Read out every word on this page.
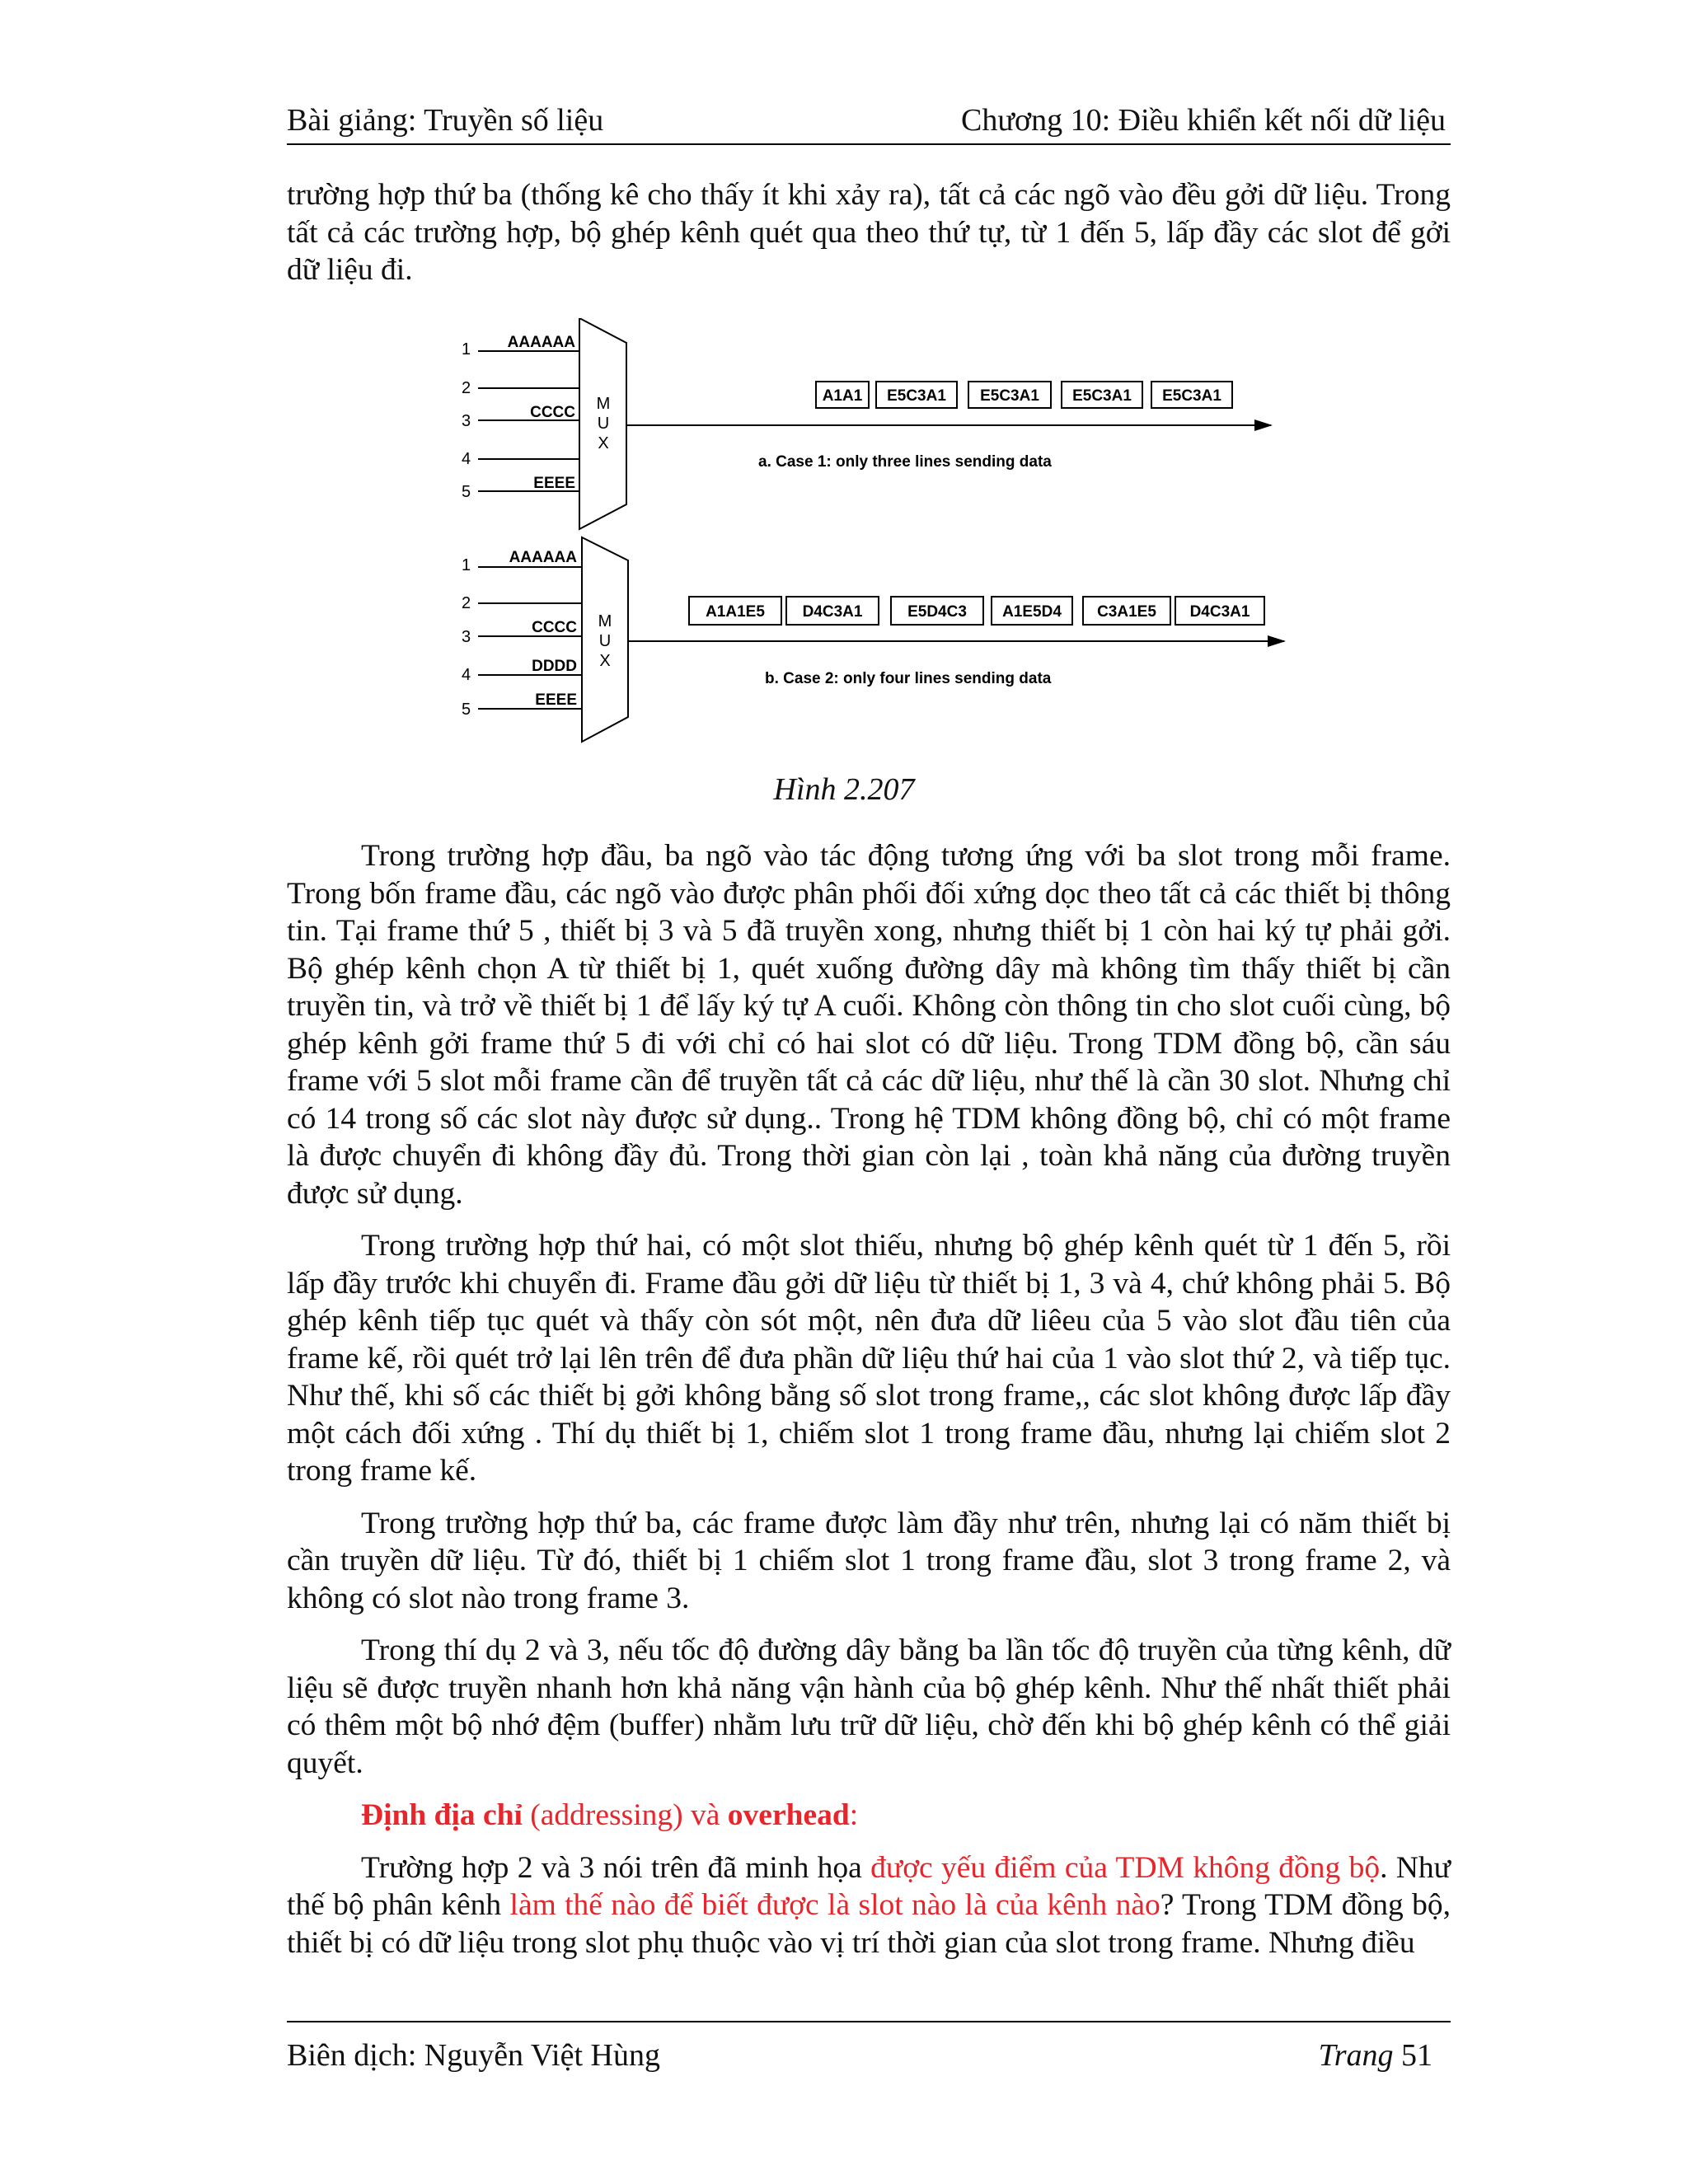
Bài giảng: Truyền số liệu	Chương 10: Điều khiển kết nối dữ liệu

trường hợp thứ ba (thống kê cho thấy ít khi xảy ra), tất cả các ngõ vào đều gởi dữ liệu. Trong tất cả các trường hợp, bộ ghép kênh quét qua theo thứ tự, từ 1 đến 5, lấp đầy các slot để gởi dữ liệu đi.

1
2
3
4
5
AAAAAA
CCCC
EEEE
M
U
X
A1A1 E5C3A1 E5C3A1 E5C3A1 E5C3A1
a. Case 1: only three lines sending data
1
2
3
4
5
AAAAAA
CCCC
DDDD
EEEE
M
U
X
A1A1E5 D4C3A1	E5D4C3 A1E5D4 C3A1E5 D4C3A1
b. Case 2: only four lines sending data
Hình 2.207

Trong trường hợp đầu, ba ngõ vào tác động tương ứng với ba slot trong mỗi frame. Trong bốn frame đầu, các ngõ vào được phân phối đối xứng dọc theo tất cả các thiết bị thông tin. Tại frame thứ 5 , thiết bị 3 và 5 đã truyền xong, nhưng thiết bị 1 còn hai ký tự phải gởi. Bộ ghép kênh chọn A từ thiết bị 1, quét xuống đường dây mà không tìm thấy thiết bị cần truyền tin, và trở về thiết bị 1 để lấy ký tự A cuối. Không còn thông tin cho slot cuối cùng, bộ ghép kênh gởi frame thứ 5 đi với chỉ có hai slot có dữ liệu. Trong TDM đồng bộ, cần sáu frame với 5 slot mỗi frame cần để truyền tất cả các dữ liệu, như thế là cần 30 slot. Nhưng chỉ có 14 trong số các slot này được sử dụng.. Trong hệ TDM không đồng bộ, chỉ có một frame là được chuyển đi không đầy đủ. Trong thời gian còn lại , toàn khả năng của đường truyền được sử dụng.

Trong trường hợp thứ hai, có một slot thiếu, nhưng bộ ghép kênh quét từ 1 đến 5, rồi lấp đầy trước khi chuyển đi. Frame đầu gởi dữ liệu từ thiết bị 1, 3 và 4, chứ không phải 5. Bộ ghép kênh tiếp tục quét và thấy còn sót một, nên đưa dữ liêeu của 5 vào slot đầu tiên của frame kế, rồi quét trở lại lên trên để đưa phần dữ liệu thứ hai của 1 vào slot thứ 2, và tiếp tục. Như thế, khi số các thiết bị gởi không bằng số slot trong frame,, các slot không được lấp đầy một cách đối xứng . Thí dụ thiết bị 1, chiếm slot 1 trong frame đầu, nhưng lại chiếm slot 2 trong frame kế.

Trong trường hợp thứ ba, các frame được làm đầy như trên, nhưng lại có năm thiết bị cần truyền dữ liệu. Từ đó, thiết bị 1 chiếm slot 1 trong frame đầu, slot 3 trong frame 2, và không có slot nào trong frame 3.

Trong thí dụ 2 và 3, nếu tốc độ đường dây bằng ba lần tốc độ truyền của từng kênh, dữ liệu sẽ được truyền nhanh hơn khả năng vận hành của bộ ghép kênh. Như thế nhất thiết phải có thêm một bộ nhớ đệm (buffer) nhằm lưu trữ dữ liệu, chờ đến khi bộ ghép kênh có thể giải quyết.

Định địa chỉ (addressing) và overhead:

Trường hợp 2 và 3 nói trên đã minh họa được yếu điểm của TDM không đồng bộ. Như thế bộ phân kênh làm thế nào để biết được là slot nào là của kênh nào? Trong TDM đồng bộ, thiết bị có dữ liệu trong slot phụ thuộc vào vị trí thời gian của slot trong frame. Nhưng điều

Biên dịch: Nguyễn Việt Hùng	Trang 51
